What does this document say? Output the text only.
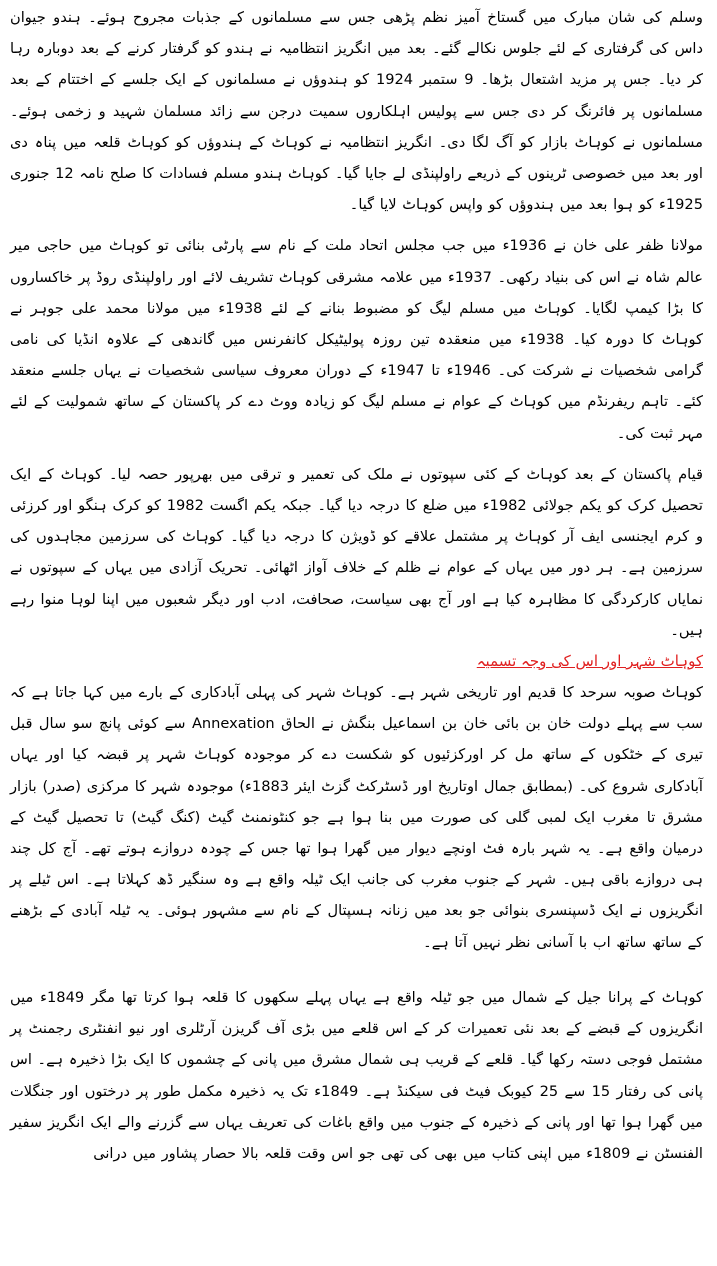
وسلم کی شان مبارک میں گستاخ آمیز نظم پڑھی جس سے مسلمانوں کے جذبات مجروح ہوئے۔ ہندو جیوان داس کی گرفتاری کے لئے جلوس نکالے گئے۔ بعد میں انگریز انتظامیہ نے ہندو کو گرفتار کرنے کے بعد دوبارہ رہا کر دیا۔ جس پر مزید اشتعال بڑھا۔ 9 ستمبر 1924 کو ہندوؤں نے مسلمانوں کے ایک جلسے کے اختتام کے بعد مسلمانوں پر فائرنگ کر دی جس سے پولیس اہلکاروں سمیت درجن سے زائد مسلمان شہید و زخمی ہوئے۔ مسلمانوں نے کوہاٹ بازار کو آگ لگا دی۔ انگریز انتظامیہ نے کوہاٹ کے ہندوؤں کو کوہاٹ قلعہ میں پناہ دی اور بعد میں خصوصی ٹرینوں کے ذریعے راولپنڈی لے جایا گیا۔ کوہاٹ ہندو مسلم فسادات کا صلح نامہ 12 جنوری 1925ء کو ہوا بعد میں ہندوؤں کو واپس کوہاٹ لایا گیا۔

مولانا ظفر علی خان نے 1936ء میں جب مجلس اتحاد ملت کے نام سے پارٹی بنائی تو کوہاٹ میں حاجی میر عالم شاہ نے اس کی بنیاد رکھی۔ 1937ء میں علامہ مشرقی کوہاٹ تشریف لائے اور راولپنڈی روڈ پر خاکساروں کا بڑا کیمپ لگایا۔ کوہاٹ میں مسلم لیگ کو مضبوط بنانے کے لئے 1938ء میں مولانا محمد علی جوہر نے کوہاٹ کا دورہ کیا۔ 1938ء میں منعقدہ تین روزہ پولیٹیکل کانفرنس میں گاندھی کے علاوہ انڈیا کی نامی گرامی شخصیات نے شرکت کی۔ 1946ء تا 1947ء کے دوران معروف سیاسی شخصیات نے یہاں جلسے منعقد کئے۔ تاہم ریفرنڈم میں کوہاٹ کے عوام نے مسلم لیگ کو زیادہ ووٹ دے کر پاکستان کے ساتھ شمولیت کے لئے مہر ثبت کی۔

قیام پاکستان کے بعد کوہاٹ کے کئی سپوتوں نے ملک کی تعمیر و ترقی میں بھرپور حصہ لیا۔ کوہاٹ کے ایک تحصیل کرک کو یکم جولائی 1982ء میں ضلع کا درجہ دیا گیا۔ جبکہ یکم اگست 1982 کو کرک ہنگو اور کرزئی و کرم ایجنسی ایف آر کوہاٹ پر مشتمل علاقے کو ڈویژن کا درجہ دیا گیا۔ کوہاٹ کی سرزمین مجاہدوں کی سرزمین ہے۔ ہر دور میں یہاں کے عوام نے ظلم کے خلاف آواز اٹھائی۔ تحریک آزادی میں یہاں کے سپوتوں نے نمایاں کارکردگی کا مظاہرہ کیا ہے اور آج بھی سیاست، صحافت، ادب اور دیگر شعبوں میں اپنا لوہا منوا رہے ہیں۔

کوہاٹ شہر اور اس کی وجہ تسمیہ

کوہاٹ صوبہ سرحد کا قدیم اور تاریخی شہر ہے۔ کوہاٹ شہر کی پہلی آبادکاری کے بارے میں کہا جاتا ہے کہ سب سے پہلے دولت خان بن بائی خان بن اسماعیل بنگش نے الحاق Annexation سے کوئی پانچ سو سال قبل تیری کے خٹکوں کے ساتھ مل کر اورکزئیوں کو شکست دے کر موجودہ کوہاٹ شہر پر قبضہ کیا اور یہاں آبادکاری شروع کی۔ (بمطابق جمال اوتاریخ اور ڈسٹرکٹ گزٹ ایئر 1883ء) موجودہ شہر کا مرکزی (صدر) بازار مشرق تا مغرب ایک لمبی گلی کی صورت میں بنا ہوا ہے جو کنٹونمنٹ گیٹ (کنگ گیٹ) تا تحصیل گیٹ کے درمیان واقع ہے۔ یہ شہر بارہ فٹ اونچے دیوار میں گھرا ہوا تھا جس کے چودہ دروازے ہوتے تھے۔ آج کل چند ہی دروازے باقی ہیں۔ شہر کے جنوب مغرب کی جانب ایک ٹیلہ واقع ہے وہ سنگیر ڈھ کہلاتا ہے۔ اس ٹیلے پر انگریزوں نے ایک ڈسپنسری بنوائی جو بعد میں زنانہ ہسپتال کے نام سے مشہور ہوئی۔ یہ ٹیلہ آبادی کے بڑھنے کے ساتھ ساتھ اب با آسانی نظر نہیں آتا ہے۔

کوہاٹ کے پرانا جیل کے شمال میں جو ٹیلہ واقع ہے یہاں پہلے سکھوں کا قلعہ ہوا کرتا تھا مگر 1849ء میں انگریزوں کے قبضے کے بعد نئی تعمیرات کر کے اس قلعے میں بڑی آف گریزن آرٹلری اور نیو انفنٹری رجمنٹ پر مشتمل فوجی دستہ رکھا گیا۔ قلعے کے قریب ہی شمال مشرق میں پانی کے چشموں کا ایک بڑا ذخیرہ ہے۔ اس پانی کی رفتار 15 سے 25 کیوبک فیٹ فی سیکنڈ ہے۔ 1849ء تک یہ ذخیرہ مکمل طور پر درختوں اور جنگلات میں گھرا ہوا تھا اور پانی کے ذخیرہ کے جنوب میں واقع باغات کی تعریف یہاں سے گزرنے والے ایک انگریز سفیر الفنسٹن نے 1809ء میں اپنی کتاب میں بھی کی تھی جو اس وقت قلعہ بالا حصار پشاور میں درانی
